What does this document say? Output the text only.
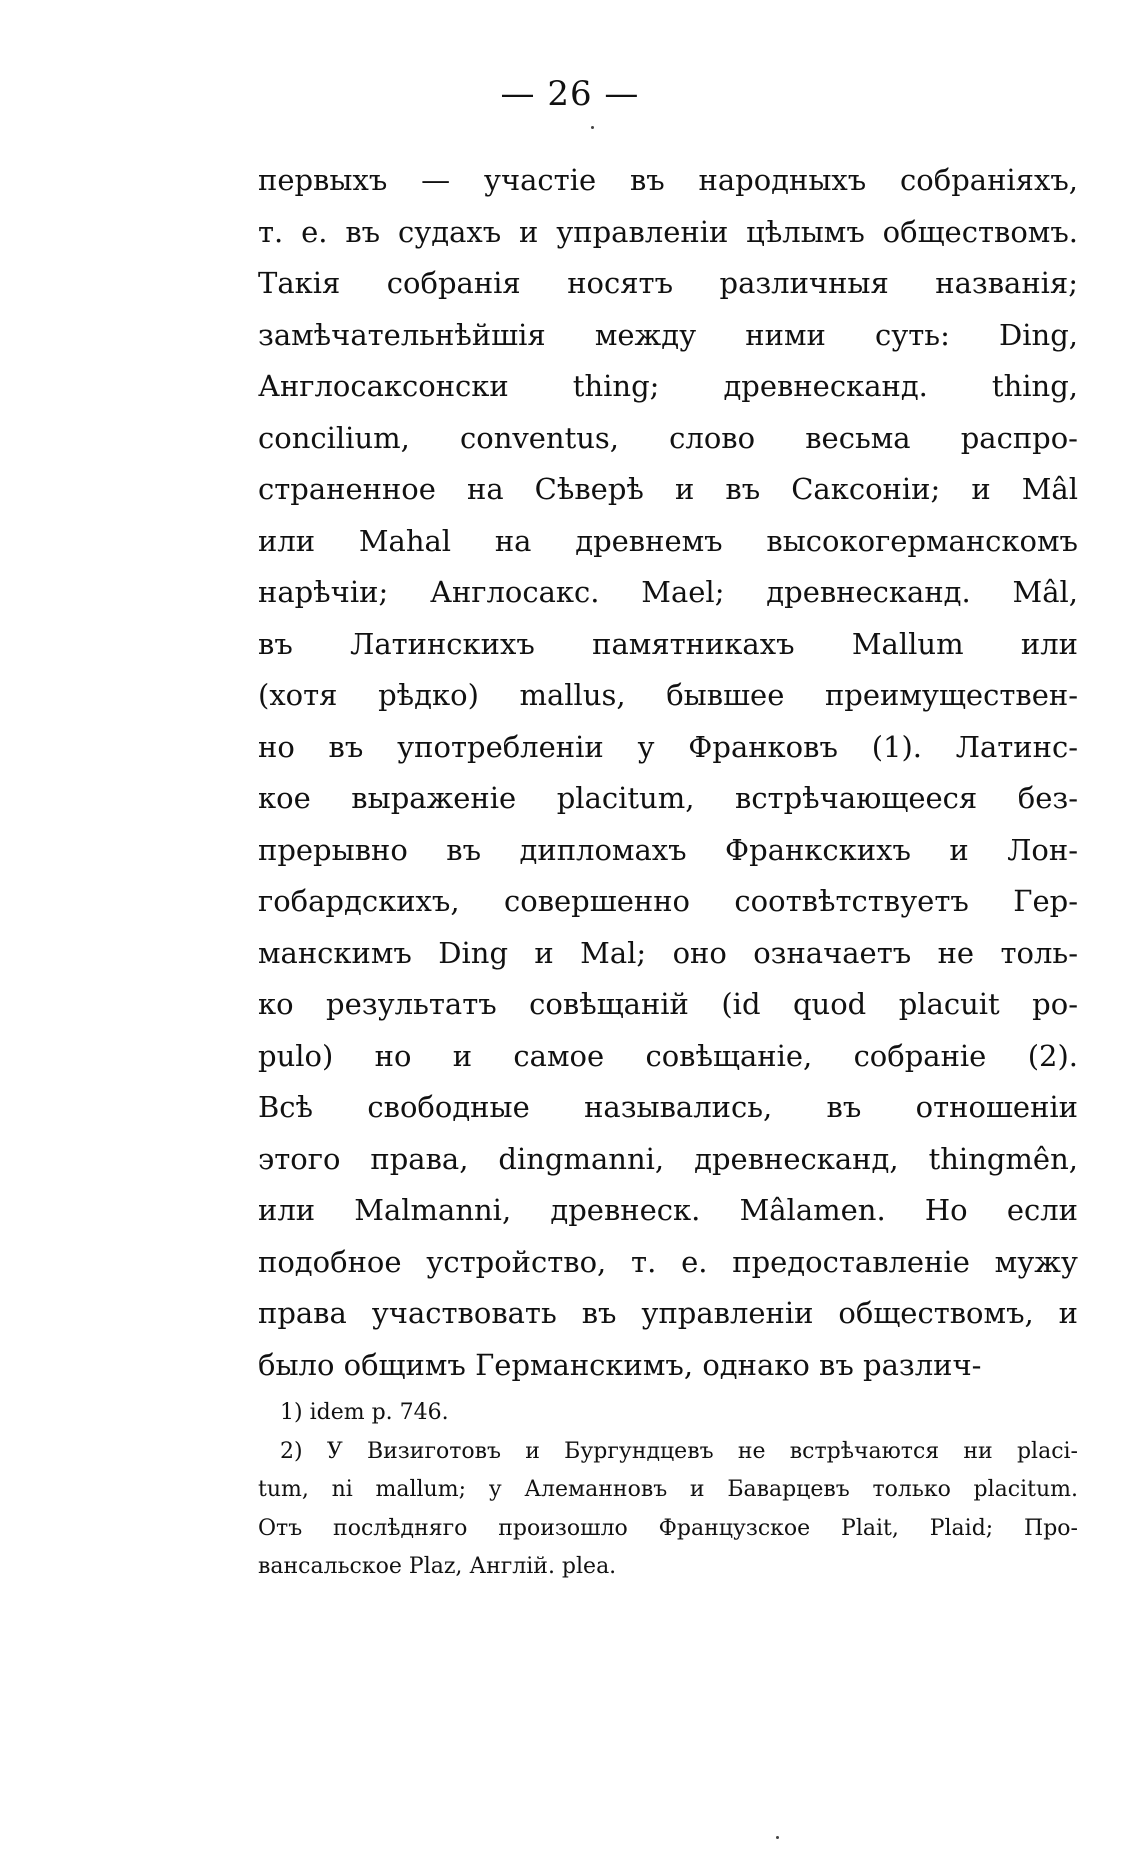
— 26 —
первыхъ — участіе въ народныхъ собраніяхъ,
т. е. въ судахъ и управленіи цѣлымъ обществомъ.
Такія собранія носятъ различныя названія;
замѣчательнѣйшія между ними суть: Ding,
Англосаксонски thing; древнесканд. thing,
concilium, conventus, слово весьма распро-
страненное на Сѣверѣ и въ Саксоніи; и Mâl
или Mahal на древнемъ высокогерманскомъ
нарѣчіи; Англосакс. Mael; древнесканд. Mâl,
въ Латинскихъ памятникахъ Mallum или
(хотя рѣдко) mallus, бывшее преимуществен-
но въ употребленіи у Франковъ (1). Латинс-
кое выраженіе placitum, встрѣчающееся без-
прерывно въ дипломахъ Франкскихъ и Лон-
гобардскихъ, совершенно соотвѣтствуетъ Гер-
манскимъ Ding и Mal; оно означаетъ не толь-
ко результатъ совѣщаній (id quod placuit po-
pulo) но и самое совѣщаніе, собраніе (2).
Всѣ свободные назывались, въ отношеніи
этого права, dingmanni, древнесканд, thingmên,
или Malmanni, древнеск. Mâlamen. Но если
подобное устройство, т. е. предоставленіе мужу
права участвовать въ управленіи обществомъ, и
было общимъ Германскимъ, однако въ различ-
1) idem p. 746.
2) У Визиготовъ и Бургундцевъ не встрѣчаются ни placi-
tum, ni mallum; у Алеманновъ и Баварцевъ только placitum.
Отъ послѣдняго произошло Французское Plait, Plaid; Про-
вансальское Plaz, Англій. plea.
